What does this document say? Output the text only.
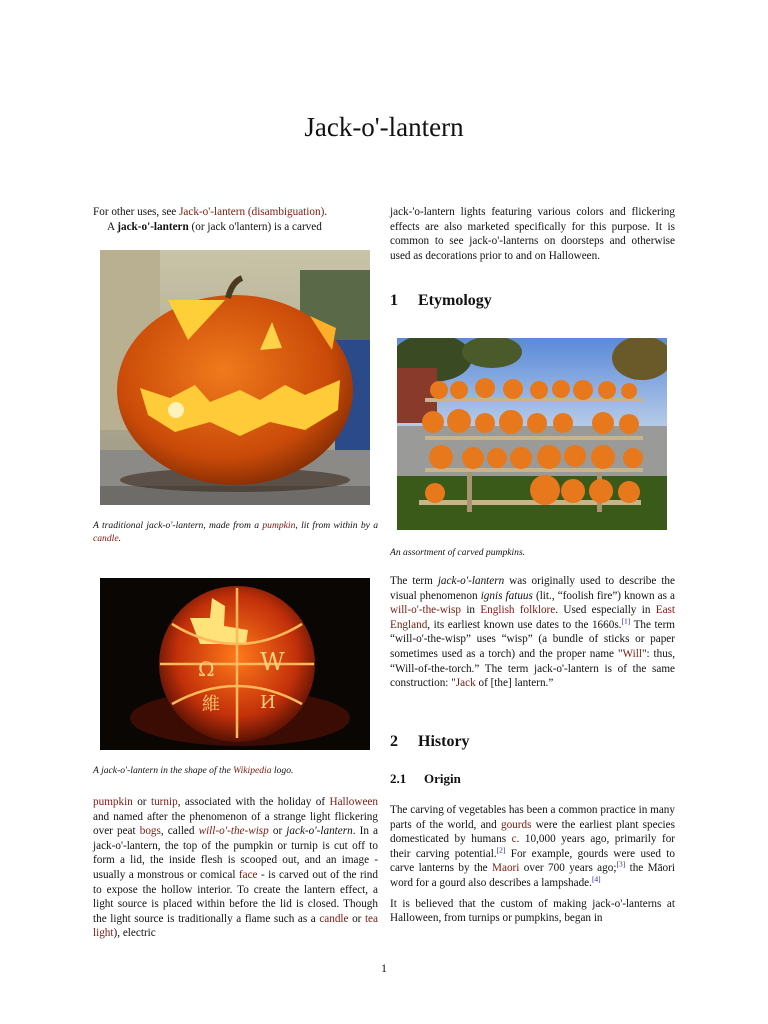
Jack-o'-lantern

For other uses, see Jack-o'-lantern (disambiguation).

A jack-o'-lantern (or jack o'lantern) is a carved

A traditional jack-o'-lantern, made from a pumpkin, lit from within by a candle.
Ω W
維 И
A jack-o'-lantern in the shape of the Wikipedia logo.

pumpkin or turnip, associated with the holiday of Halloween and named after the phenomenon of a strange light flickering over peat bogs, called will-o'-the-wisp or jack-o'-lantern. In a jack-o'-lantern, the top of the pumpkin or turnip is cut off to form a lid, the inside flesh is scooped out, and an image - usually a monstrous or comical face - is carved out of the rind to expose the hollow interior. To create the lantern effect, a light source is placed within before the lid is closed. Though the light source is traditionally a flame such as a candle or tea light), electric

jack-'o-lantern lights featuring various colors and flickering effects are also marketed specifically for this purpose. It is common to see jack-o'-lanterns on doorsteps and otherwise used as decorations prior to and on Halloween.

1 Etymology
An assortment of carved pumpkins.

The term jack-o'-lantern was originally used to describe the visual phenomenon ignis fatuus (lit., “foolish fire”) known as a will-o'-the-wisp in English folklore. Used especially in East England, its earliest known use dates to the 1660s.[1] The term “will-o'-the-wisp” uses “wisp” (a bundle of sticks or paper sometimes used as a torch) and the proper name "Will": thus, “Will-of-the-torch.” The term jack-o'-lantern is of the same construction: "Jack of [the] lantern.”

2 History
2.1 Origin

The carving of vegetables has been a common practice in many parts of the world, and gourds were the earliest plant species domesticated by humans c. 10,000 years ago, primarily for their carving potential.[2] For example, gourds were used to carve lanterns by the Maori over 700 years ago;[3] the Māori word for a gourd also describes a lampshade.[4]

It is believed that the custom of making jack-o'-lanterns at Halloween, from turnips or pumpkins, began in

1
